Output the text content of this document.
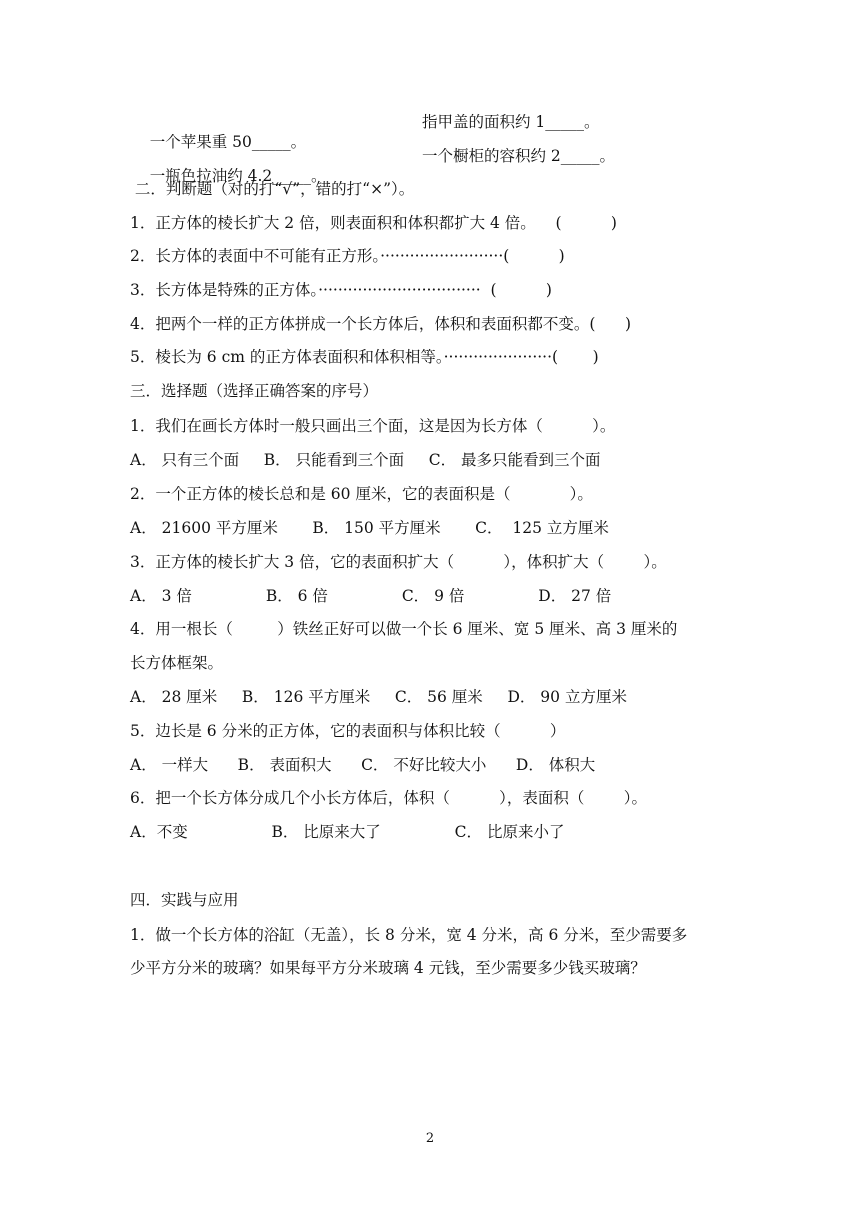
一个苹果重 50_____。

指甲盖的面积约 1_____。

一瓶色拉油约 4.2_____。

一个橱柜的容积约 2_____。

二．判断题（对的打“√”，错的打“×”）。
1．正方体的棱长扩大 2 倍，则表面积和体积都扩大 4 倍。    (          )
2．长方体的表面中不可能有正方形。·························(          )
3．长方体是特殊的正方体。·································  (          )
4．把两个一样的正方体拼成一个长方体后，体积和表面积都不变。(      )
5．棱长为 6 cm 的正方体表面积和体积相等。······················(       )
三．选择题（选择正确答案的序号）
1．我们在画长方体时一般只画出三个面，这是因为长方体（          ）。
A． 只有三个面     B． 只能看到三个面     C． 最多只能看到三个面
2．一个正方体的棱长总和是 60 厘米，它的表面积是（            ）。
A． 21600 平方厘米       B． 150 平方厘米       C．  125 立方厘米
3．正方体的棱长扩大 3 倍，它的表面积扩大（          ），体积扩大（        ）。
A． 3 倍               B． 6 倍               C． 9 倍               D． 27 倍
4．用一根长（         ）铁丝正好可以做一个长 6 厘米、宽 5 厘米、高 3 厘米的
长方体框架。
A． 28 厘米     B． 126 平方厘米     C． 56 厘米     D． 90 立方厘米
5．边长是 6 分米的正方体，它的表面积与体积比较（          ）
A． 一样大      B． 表面积大      C． 不好比较大小      D． 体积大
6．把一个长方体分成几个小长方体后，体积（          ），表面积（        ）。
A．不变                 B． 比原来大了               C． 比原来小了
四．实践与应用
1．做一个长方体的浴缸（无盖），长 8 分米，宽 4 分米，高 6 分米，至少需要多
少平方分米的玻璃？如果每平方分米玻璃 4 元钱，至少需要多少钱买玻璃？
2
